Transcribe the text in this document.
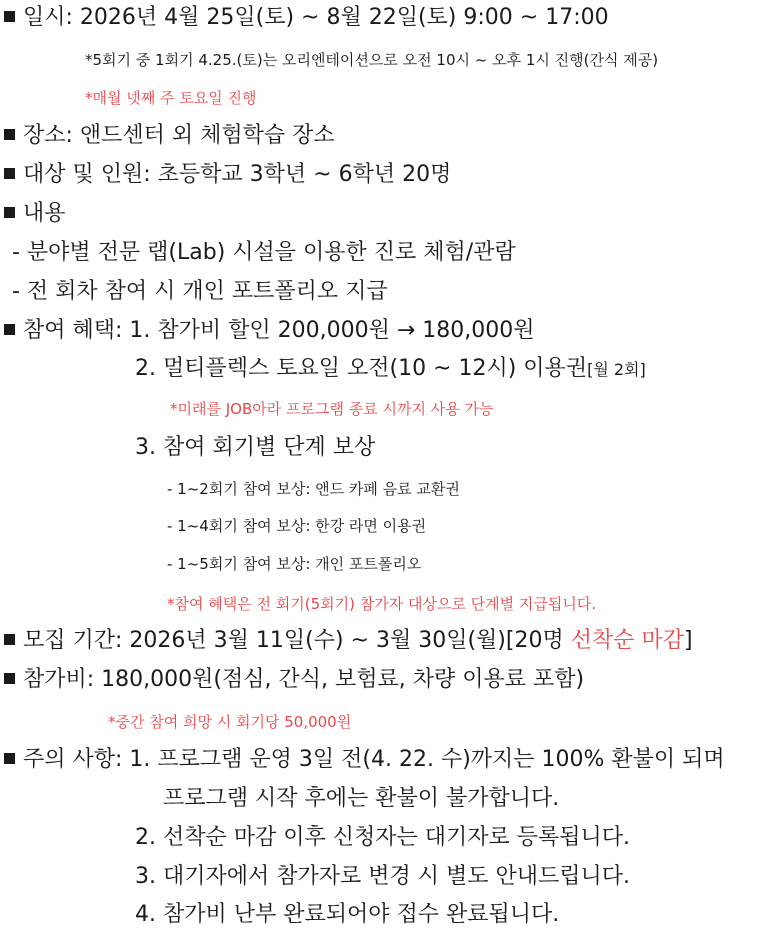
일시: 2026년 4월 25일(토) ~ 8월 22일(토) 9:00 ~ 17:00
*5회기 중 1회기 4.25.(토)는 오리엔테이션으로 오전 10시 ~ 오후 1시 진행(간식 제공)
*매월 넷째 주 토요일 진행
장소: 앤드센터 외 체험학습 장소
대상 및 인원: 초등학교 3학년 ~ 6학년 20명
내용
- 분야별 전문 랩(Lab) 시설을 이용한 진로 체험/관람
- 전 회차 참여 시 개인 포트폴리오 지급
참여 혜택: 1. 참가비 할인 200,000원 → 180,000원
2. 멀티플렉스 토요일 오전(10 ~ 12시) 이용권[월 2회]
*미래를 JOB아라 프로그램 종료 시까지 사용 가능
3. 참여 회기별 단계 보상
- 1~2회기 참여 보상: 앤드 카페 음료 교환권
- 1~4회기 참여 보상: 한강 라면 이용권
- 1~5회기 참여 보상: 개인 포트폴리오
*참여 혜택은 전 회기(5회기) 참가자 대상으로 단계별 지급됩니다.
모집 기간: 2026년 3월 11일(수) ~ 3월 30일(월)[20명 선착순 마감]
참가비: 180,000원(점심, 간식, 보험료, 차량 이용료 포함)
*중간 참여 희망 시 회기당 50,000원
주의 사항: 1. 프로그램 운영 3일 전(4. 22. 수)까지는 100% 환불이 되며
프로그램 시작 후에는 환불이 불가합니다.
2. 선착순 마감 이후 신청자는 대기자로 등록됩니다.
3. 대기자에서 참가자로 변경 시 별도 안내드립니다.
4. 참가비 난부 완료되어야 접수 완료됩니다.
